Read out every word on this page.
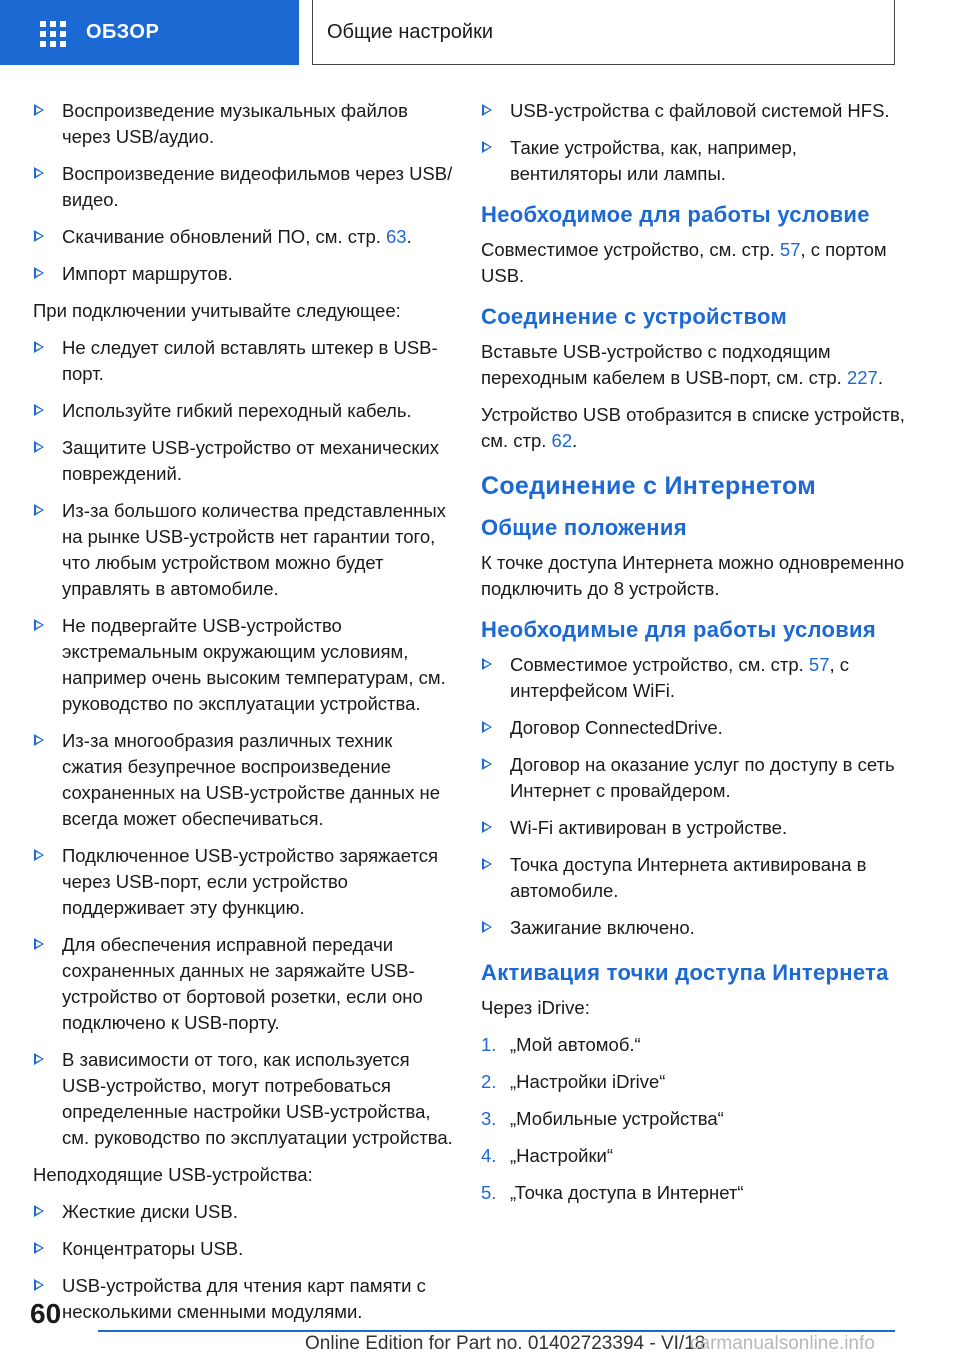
ОБЗОР	Общие настройки
Воспроизведение музыкальных файлов через USB/аудио.
Воспроизведение видеофильмов через USB/видео.
Скачивание обновлений ПО, см. стр. 63.
Импорт маршрутов.
При подключении учитывайте следующее:
Не следует силой вставлять штекер в USB-порт.
Используйте гибкий переходный кабель.
Защитите USB-устройство от механических повреждений.
Из-за большого количества представленных на рынке USB-устройств нет гарантии того, что любым устройством можно будет управлять в автомобиле.
Не подвергайте USB-устройство экстремальным окружающим условиям, например очень высоким температурам, см. руководство по эксплуатации устройства.
Из-за многообразия различных техник сжатия безупречное воспроизведение сохраненных на USB-устройстве данных не всегда может обеспечиваться.
Подключенное USB-устройство заряжается через USB-порт, если устройство поддерживает эту функцию.
Для обеспечения исправной передачи сохраненных данных не заряжайте USB-устройство от бортовой розетки, если оно подключено к USB-порту.
В зависимости от того, как используется USB-устройство, могут потребоваться определенные настройки USB-устройства, см. руководство по эксплуатации устройства.
Неподходящие USB-устройства:
Жесткие диски USB.
Концентраторы USB.
USB-устройства для чтения карт памяти с несколькими сменными модулями.
USB-устройства с файловой системой HFS.
Такие устройства, как, например, вентиляторы или лампы.
Необходимое для работы условие
Совместимое устройство, см. стр. 57, с портом USB.
Соединение с устройством
Вставьте USB-устройство с подходящим переходным кабелем в USB-порт, см. стр. 227.
Устройство USB отобразится в списке устройств, см. стр. 62.
Соединение с Интернетом
Общие положения
К точке доступа Интернета можно одновременно подключить до 8 устройств.
Необходимые для работы условия
Совместимое устройство, см. стр. 57, с интерфейсом WiFi.
Договор ConnectedDrive.
Договор на оказание услуг по доступу в сеть Интернет с провайдером.
Wi-Fi активирован в устройстве.
Точка доступа Интернета активирована в автомобиле.
Зажигание включено.
Активация точки доступа Интернета
Через iDrive:
1. „Мой автомоб.“
2. „Настройки iDrive“
3. „Мобильные устройства“
4. „Настройки“
5. „Точка доступа в Интернет“
60
Online Edition for Part no. 01402723394 - VI/18
carmanualsonline.info
